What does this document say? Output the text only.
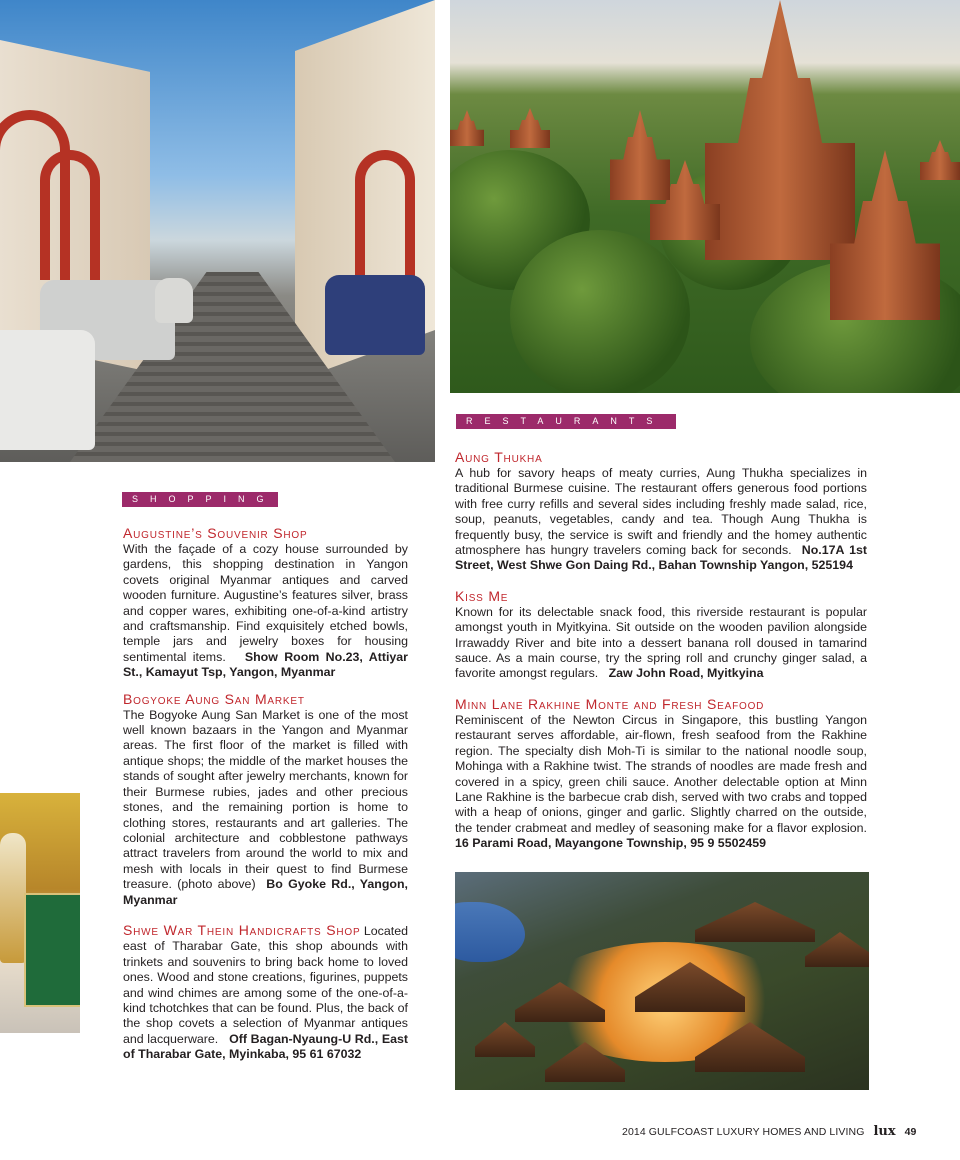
RESTAURANTS
SHOPPING

Augustine’s Souvenir Shop
With the façade of a cozy house surrounded by gardens, this shopping destination in Yangon covets original Myanmar antiques and carved wooden furniture. Augustine’s features silver, brass and copper wares, exhibiting one-of-a-kind artistry and craftsmanship. Find exquisitely etched bowls, temple jars and jewelry boxes for housing sentimental items. Show Room No.23, Attiyar St., Kamayut Tsp, Yangon, Myanmar

Bogyoke Aung San Market
The Bogyoke Aung San Market is one of the most well known bazaars in the Yangon and Myanmar areas. The first floor of the market is filled with antique shops; the middle of the market houses the stands of sought after jewelry merchants, known for their Burmese rubies, jades and other precious stones, and the remaining portion is home to clothing stores, restaurants and art galleries. The colonial architecture and cobblestone pathways attract travelers from around the world to mix and mesh with locals in their quest to find Burmese treasure. (photo above) Bo Gyoke Rd., Yangon, Myanmar

Shwe War Thein Handicrafts Shop Located east of Tharabar Gate, this shop abounds with trinkets and souvenirs to bring back home to loved ones. Wood and stone creations, figurines, puppets and wind chimes are among some of the one-of-a-kind tchotchkes that can be found. Plus, the back of the shop covets a selection of Myanmar antiques and lacquerware. Off Bagan-Nyaung-U Rd., East of Tharabar Gate, Myinkaba, 95 61 67032

Aung Thukha
A hub for savory heaps of meaty curries, Aung Thukha specializes in traditional Burmese cuisine. The restaurant offers generous food portions with free curry refills and several sides including freshly made salad, rice, soup, peanuts, vegetables, candy and tea. Though Aung Thukha is frequently busy, the service is swift and friendly and the homey authentic atmosphere has hungry travelers coming back for seconds. No.17A 1st Street, West Shwe Gon Daing Rd., Bahan Township Yangon, 525194

Kiss Me
Known for its delectable snack food, this riverside restaurant is popular amongst youth in Myitkyina. Sit outside on the wooden pavilion alongside Irrawaddy River and bite into a dessert banana roll doused in tamarind sauce. As a main course, try the spring roll and crunchy ginger salad, a favorite amongst regulars. Zaw John Road, Myitkyina

Minn Lane Rakhine Monte and Fresh Seafood
Reminiscent of the Newton Circus in Singapore, this bustling Yangon restaurant serves affordable, air-flown, fresh seafood from the Rakhine region. The specialty dish Moh-Ti is similar to the national noodle soup, Mohinga with a Rakhine twist. The strands of noodles are made fresh and covered in a spicy, green chili sauce. Another delectable option at Minn Lane Rakhine is the barbecue crab dish, served with two crabs and topped with a heap of onions, ginger and garlic. Slightly charred on the outside, the tender crabmeat and medley of seasoning make for a flavor explosion. 16 Parami Road, Mayangone Township, 95 9 5502459

2014 GULFCOAST LUXURY HOMES AND LIVING lux 49
